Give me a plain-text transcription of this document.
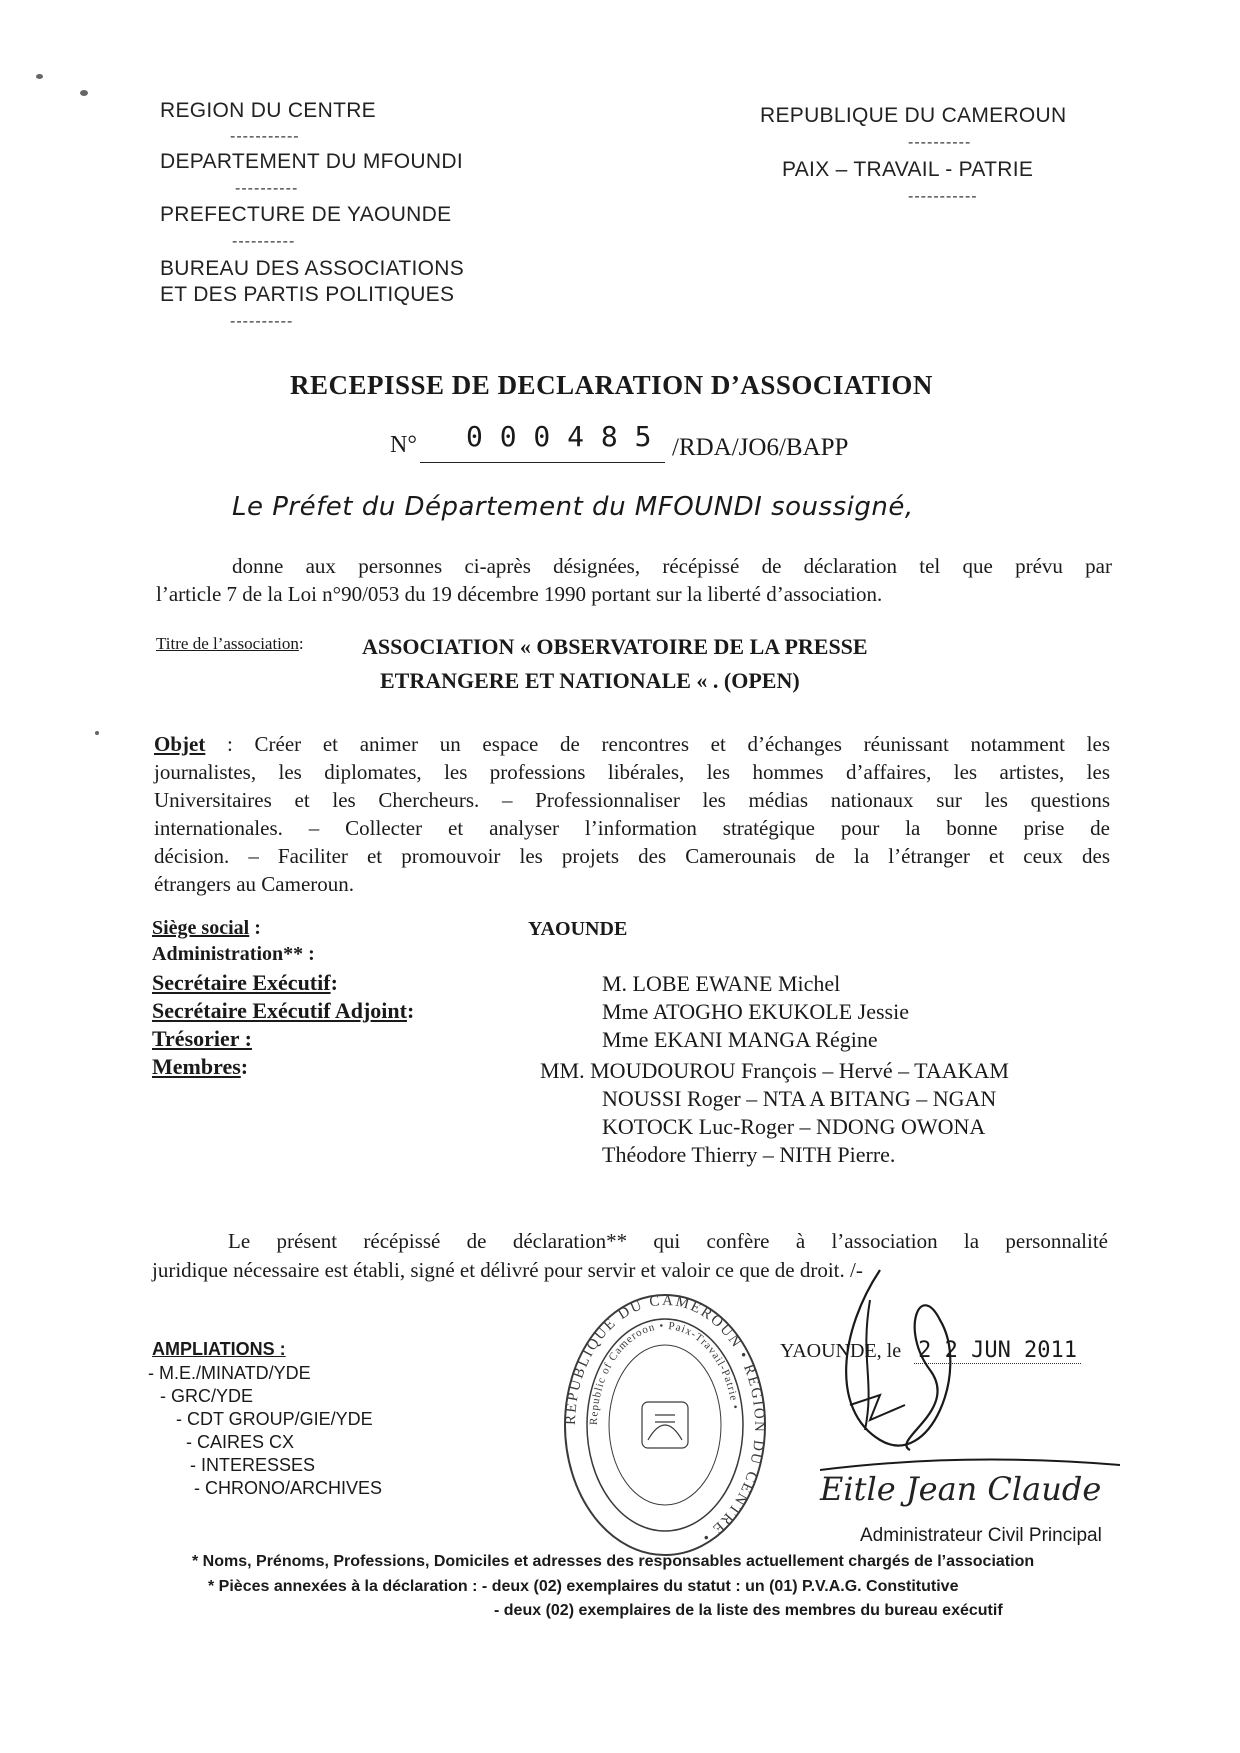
REGION DU CENTRE
-----------
DEPARTEMENT DU MFOUNDI
----------
PREFECTURE DE YAOUNDE
----------
BUREAU DES ASSOCIATIONS
ET DES PARTIS POLITIQUES
----------
REPUBLIQUE DU CAMEROUN
----------
PAIX – TRAVAIL - PATRIE
-----------
RECEPISSE DE DECLARATION D’ASSOCIATION
N° 0 0 0 4 8 5 /RDA/JO6/BAPP
Le Préfet du Département du MFOUNDI soussigné,
donne aux personnes ci-après désignées, récépissé de déclaration tel que prévu par
l’article 7 de la Loi n°90/053 du 19 décembre 1990 portant sur la liberté d’association.
Titre de l’association:	ASSOCIATION « OBSERVATOIRE DE LA PRESSE
ETRANGERE ET NATIONALE « . (OPEN)
Objet : Créer et animer un espace de rencontres et d’échanges réunissant notamment les
journalistes, les diplomates, les professions libérales, les hommes d’affaires, les artistes, les
Universitaires et les Chercheurs. – Professionnaliser les médias nationaux sur les questions
internationales. – Collecter et analyser l’information stratégique pour la bonne prise de
décision. – Faciliter et promouvoir les projets des Camerounais de la l’étranger et ceux des
étrangers au Cameroun.
Siège social :	YAOUNDE
Administration** :
Secrétaire Exécutif:	M. LOBE EWANE Michel
Secrétaire Exécutif Adjoint:	Mme ATOGHO EKUKOLE Jessie
Trésorier :	Mme EKANI MANGA Régine
Membres:	MM. MOUDOUROU François – Hervé – TAAKAM
NOUSSI Roger – NTA A BITANG – NGAN
KOTOCK Luc-Roger – NDONG OWONA
Théodore Thierry – NITH Pierre.
Le présent récépissé de déclaration** qui confère à l’association la personnalité
juridique nécessaire est établi, signé et délivré pour servir et valoir ce que de droit. /-
REPUBLIQUE DU CAMEROUN • REGION DU CENTRE •
Republic of Cameroon • Paix-Travail-Patrie •
YAOUNDE, le 2 2 JUN 2011
Eitle Jean Claude
Administrateur Civil Principal
AMPLIATIONS :
- M.E./MINATD/YDE
- GRC/YDE
- CDT GROUP/GIE/YDE
- CAIRES CX
- INTERESSES
- CHRONO/ARCHIVES
* Noms, Prénoms, Professions, Domiciles et adresses des responsables actuellement chargés de l’association
* Pièces annexées à la déclaration : - deux (02) exemplaires du statut : un (01) P.V.A.G. Constitutive
- deux (02) exemplaires de la liste des membres du bureau exécutif
